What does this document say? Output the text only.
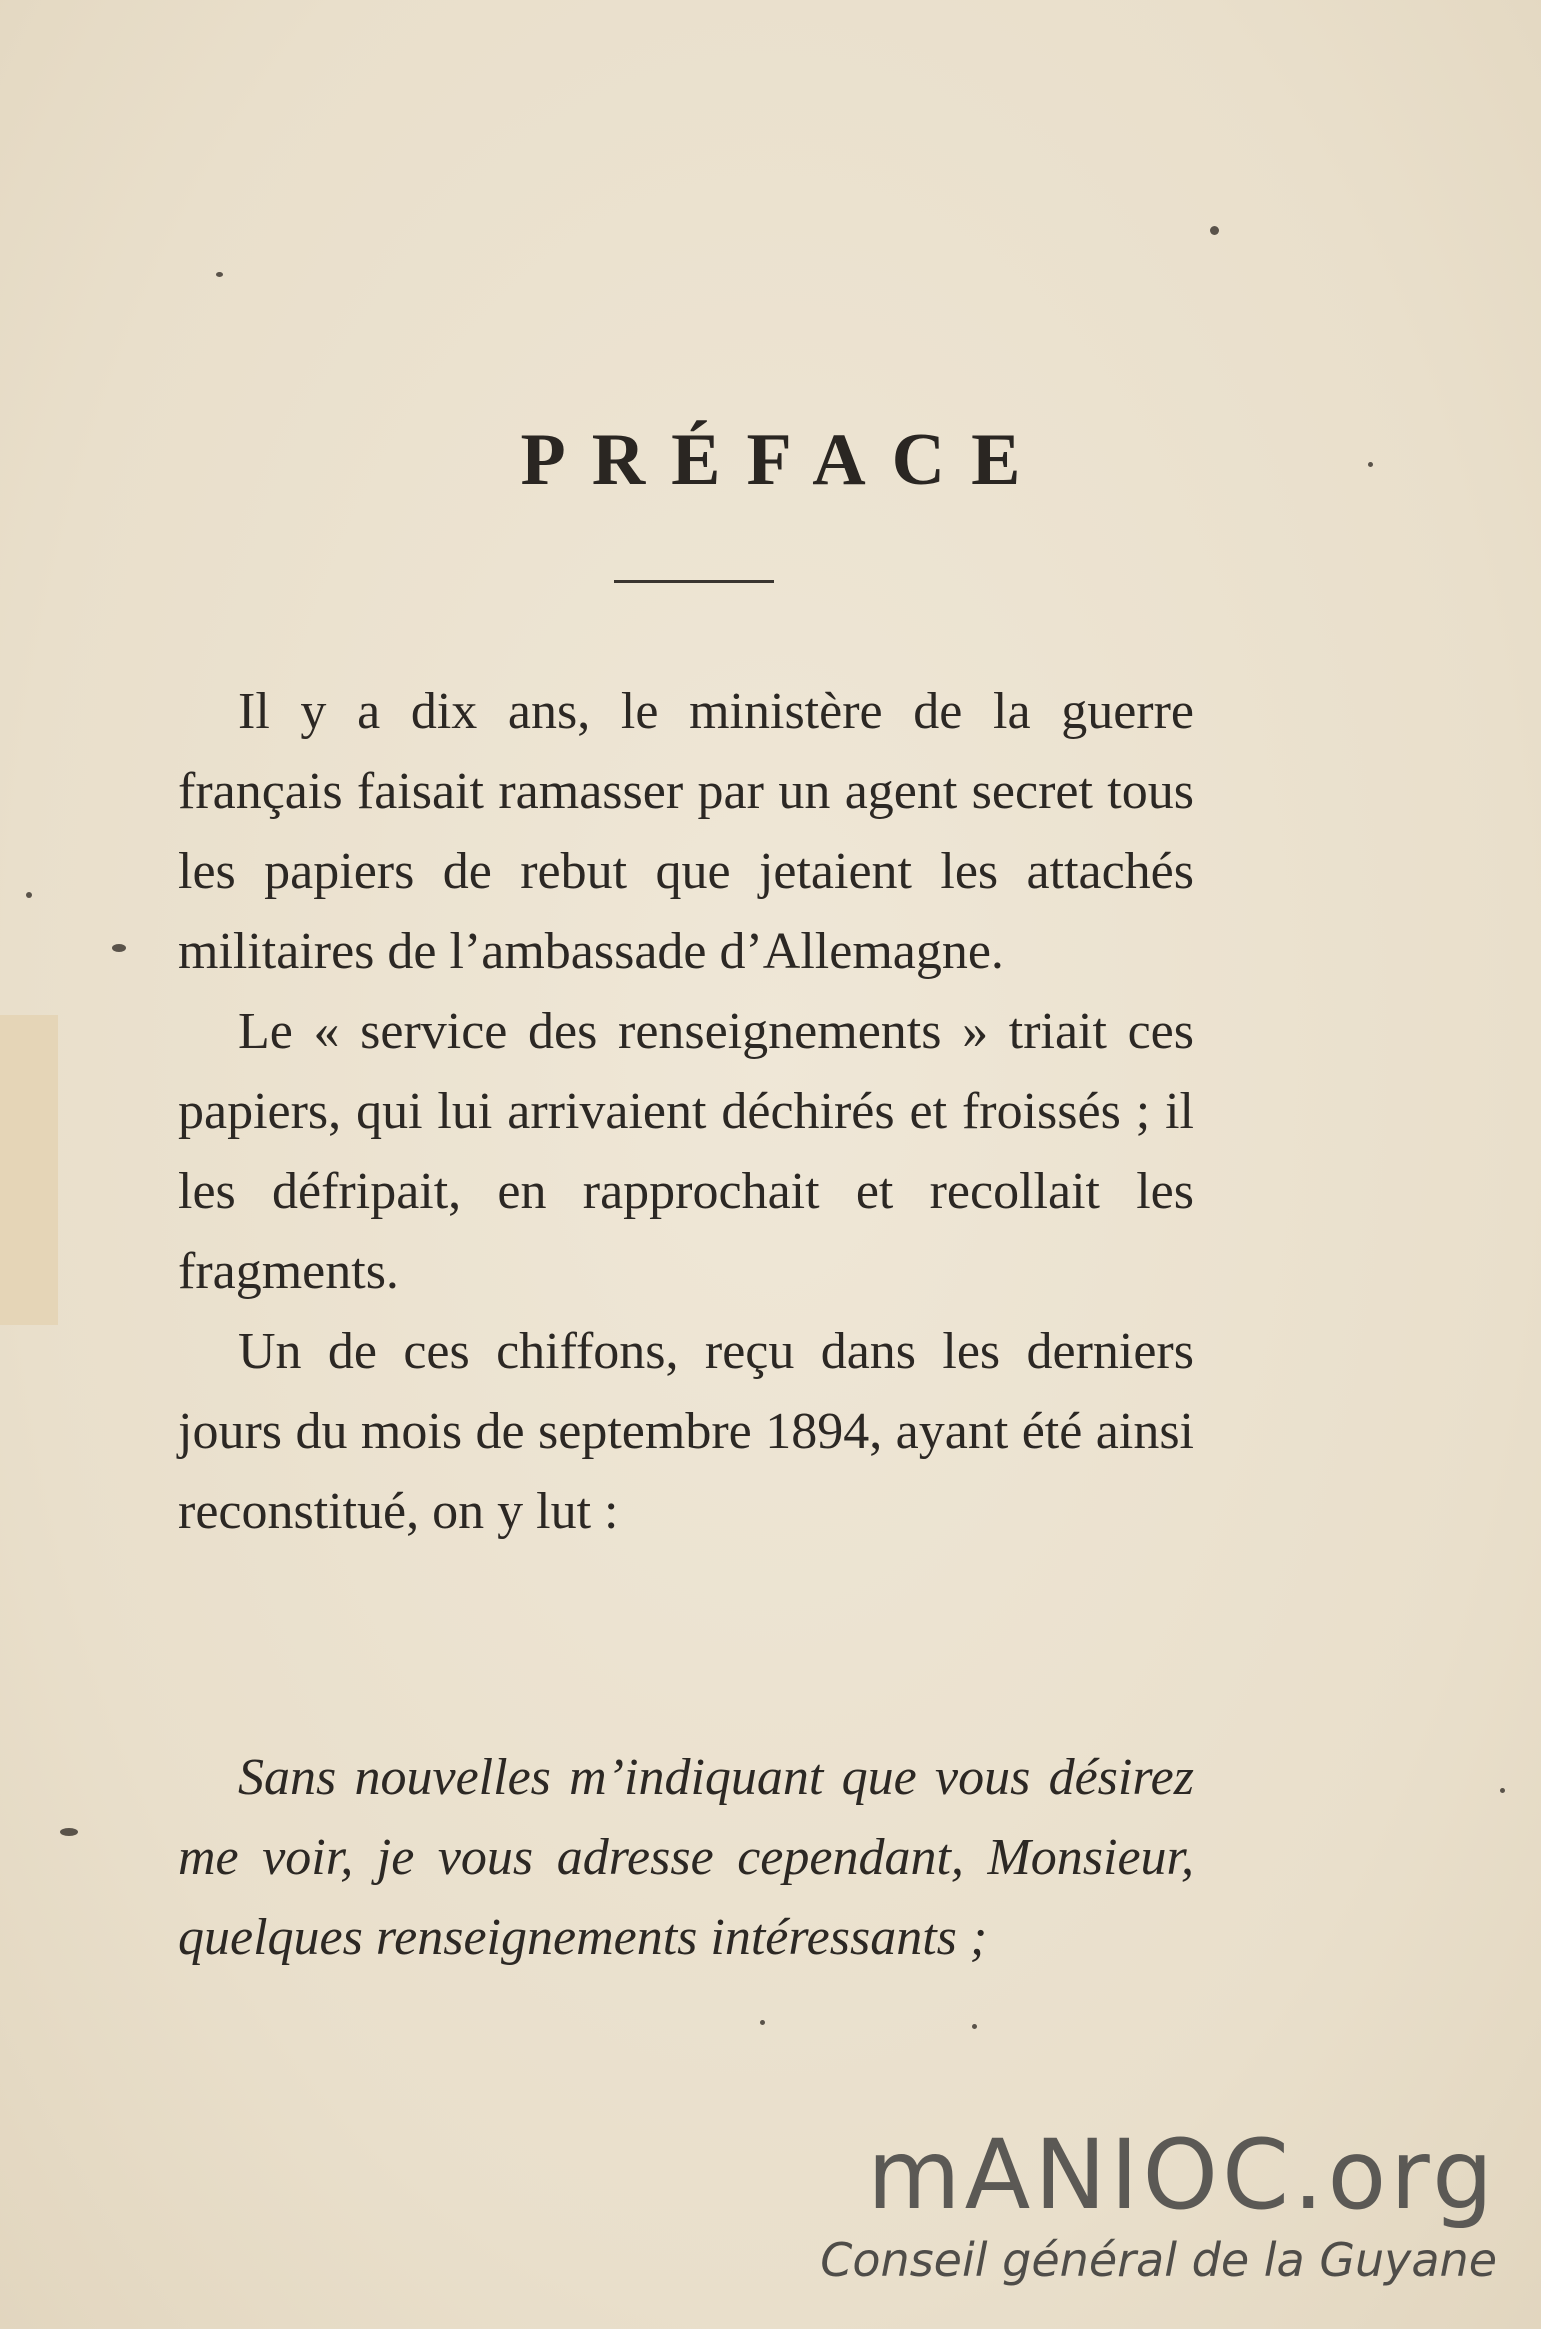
PRÉFACE

Il y a dix ans, le ministère de la guerre français faisait ramasser par un agent secret tous les papiers de rebut que jetaient les attachés militaires de l’ambassade d’Allemagne.

Le « service des renseignements » triait ces papiers, qui lui arrivaient déchirés et froissés ; il les défripait, en rapprochait et recollait les fragments.

Un de ces chiffons, reçu dans les derniers jours du mois de septembre 1894, ayant été ainsi reconstitué, on y lut :

Sans nouvelles m’indiquant que vous désirez me voir, je vous adresse cependant, Monsieur, quelques renseignements intéressants ;

mANIOC.org
Conseil général de la Guyane
